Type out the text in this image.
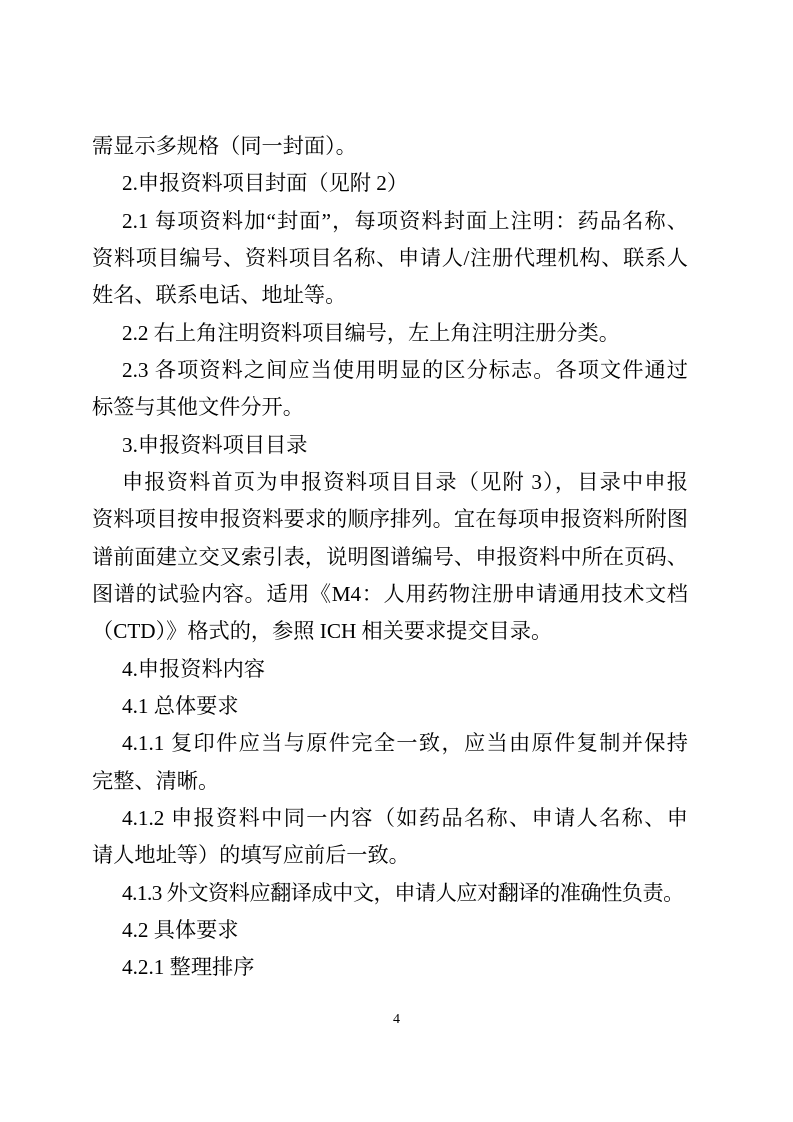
需显示多规格（同一封面）。
2.申报资料项目封面（见附 2）
2.1 每项资料加“封面”，每项资料封面上注明：药品名称、
资料项目编号、资料项目名称、申请人/注册代理机构、联系人
姓名、联系电话、地址等。
2.2 右上角注明资料项目编号，左上角注明注册分类。
2.3 各项资料之间应当使用明显的区分标志。各项文件通过
标签与其他文件分开。
3.申报资料项目目录
申报资料首页为申报资料项目目录（见附 3），目录中申报
资料项目按申报资料要求的顺序排列。宜在每项申报资料所附图
谱前面建立交叉索引表，说明图谱编号、申报资料中所在页码、
图谱的试验内容。适用《M4：人用药物注册申请通用技术文档
（CTD）》格式的，参照 ICH 相关要求提交目录。
4.申报资料内容
4.1 总体要求
4.1.1 复印件应当与原件完全一致，应当由原件复制并保持
完整、清晰。
4.1.2 申报资料中同一内容（如药品名称、申请人名称、申
请人地址等）的填写应前后一致。
4.1.3 外文资料应翻译成中文，申请人应对翻译的准确性负责。
4.2 具体要求
4.2.1 整理排序
4
